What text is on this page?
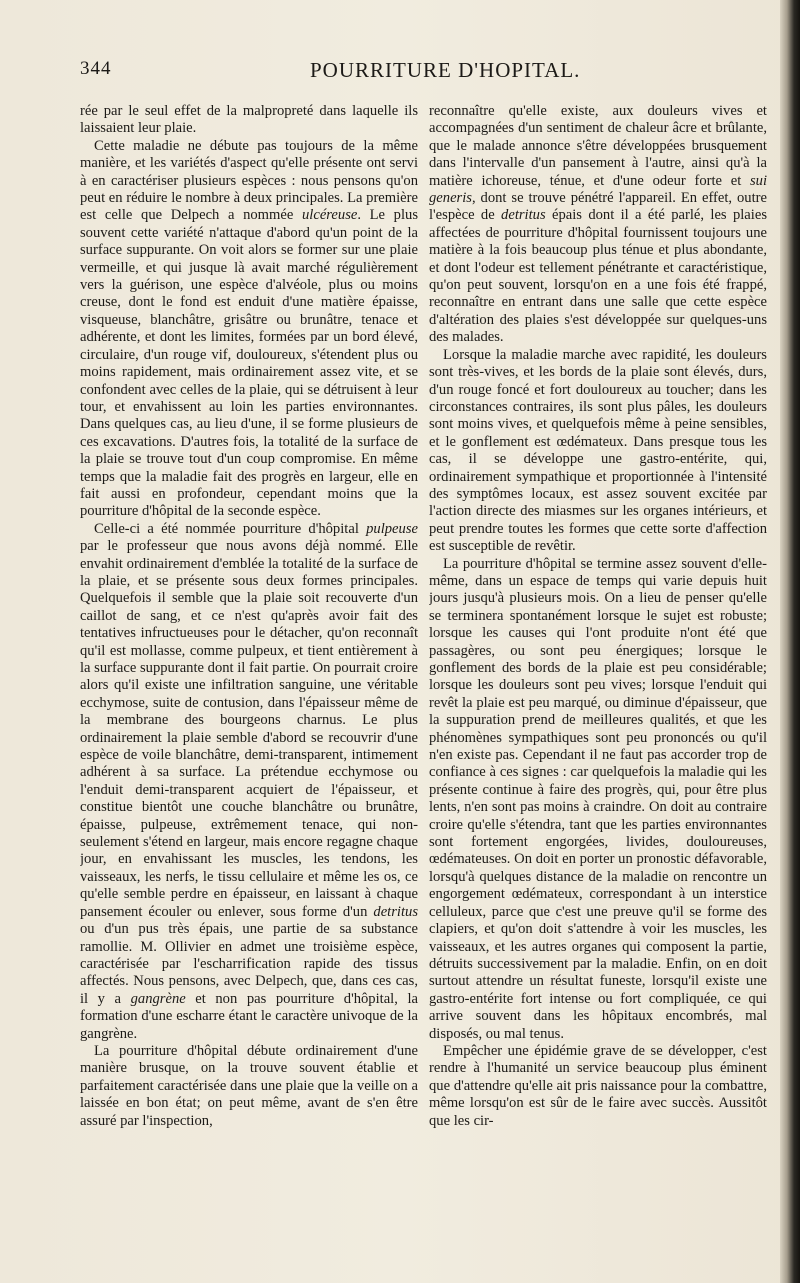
344	POURRITURE D'HOPITAL.

rée par le seul effet de la malpropreté dans laquelle ils laissaient leur plaie.

Cette maladie ne débute pas toujours de la même manière, et les variétés d'aspect qu'elle présente ont servi à en caractériser plusieurs espèces : nous pensons qu'on peut en réduire le nombre à deux principales. La première est celle que Delpech a nommée ulcéreuse. Le plus souvent cette variété n'attaque d'abord qu'un point de la surface suppurante. On voit alors se former sur une plaie vermeille, et qui jusque là avait marché régulièrement vers la guérison, une espèce d'alvéole, plus ou moins creuse, dont le fond est enduit d'une matière épaisse, visqueuse, blanchâtre, grisâtre ou brunâtre, tenace et adhérente, et dont les limites, formées par un bord élevé, circulaire, d'un rouge vif, douloureux, s'étendent plus ou moins rapidement, mais ordinairement assez vite, et se confondent avec celles de la plaie, qui se détruisent à leur tour, et envahissent au loin les parties environnantes. Dans quelques cas, au lieu d'une, il se forme plusieurs de ces excavations. D'autres fois, la totalité de la surface de la plaie se trouve tout d'un coup compromise. En même temps que la maladie fait des progrès en largeur, elle en fait aussi en profondeur, cependant moins que la pourriture d'hôpital de la seconde espèce.

Celle-ci a été nommée pourriture d'hôpital pulpeuse par le professeur que nous avons déjà nommé. Elle envahit ordinairement d'emblée la totalité de la surface de la plaie, et se présente sous deux formes principales. Quelquefois il semble que la plaie soit recouverte d'un caillot de sang, et ce n'est qu'après avoir fait des tentatives infructueuses pour le détacher, qu'on reconnaît qu'il est mollasse, comme pulpeux, et tient entièrement à la surface suppurante dont il fait partie. On pourrait croire alors qu'il existe une infiltration sanguine, une véritable ecchymose, suite de contusion, dans l'épaisseur même de la membrane des bourgeons charnus. Le plus ordinairement la plaie semble d'abord se recouvrir d'une espèce de voile blanchâtre, demi-transparent, intimement adhérent à sa surface. La prétendue ecchymose ou l'enduit demi-transparent acquiert de l'épaisseur, et constitue bientôt une couche blanchâtre ou brunâtre, épaisse, pulpeuse, extrêmement tenace, qui non-seulement s'étend en largeur, mais encore regagne chaque jour, en envahissant les muscles, les tendons, les vaisseaux, les nerfs, le tissu cellulaire et même les os, ce qu'elle semble perdre en épaisseur, en laissant à chaque pansement écouler ou enlever, sous forme d'un detritus ou d'un pus très épais, une partie de sa substance ramollie. M. Ollivier en admet une troisième espèce, caractérisée par l'escharrification rapide des tissus affectés. Nous pensons, avec Delpech, que, dans ces cas, il y a gangrène et non pas pourriture d'hôpital, la formation d'une escharre étant le caractère univoque de la gangrène.

La pourriture d'hôpital débute ordinairement d'une manière brusque, on la trouve souvent établie et parfaitement caractérisée dans une plaie que la veille on a laissée en bon état; on peut même, avant de s'en être assuré par l'inspection,

reconnaître qu'elle existe, aux douleurs vives et accompagnées d'un sentiment de chaleur âcre et brûlante, que le malade annonce s'être développées brusquement dans l'intervalle d'un pansement à l'autre, ainsi qu'à la matière ichoreuse, ténue, et d'une odeur forte et sui generis, dont se trouve pénétré l'appareil. En effet, outre l'espèce de detritus épais dont il a été parlé, les plaies affectées de pourriture d'hôpital fournissent toujours une matière à la fois beaucoup plus ténue et plus abondante, et dont l'odeur est tellement pénétrante et caractéristique, qu'on peut souvent, lorsqu'on en a une fois été frappé, reconnaître en entrant dans une salle que cette espèce d'altération des plaies s'est développée sur quelques-uns des malades.

Lorsque la maladie marche avec rapidité, les douleurs sont très-vives, et les bords de la plaie sont élevés, durs, d'un rouge foncé et fort douloureux au toucher; dans les circonstances contraires, ils sont plus pâles, les douleurs sont moins vives, et quelquefois même à peine sensibles, et le gonflement est œdémateux. Dans presque tous les cas, il se développe une gastro-entérite, qui, ordinairement sympathique et proportionnée à l'intensité des symptômes locaux, est assez souvent excitée par l'action directe des miasmes sur les organes intérieurs, et peut prendre toutes les formes que cette sorte d'affection est susceptible de revêtir.

La pourriture d'hôpital se termine assez souvent d'elle-même, dans un espace de temps qui varie depuis huit jours jusqu'à plusieurs mois. On a lieu de penser qu'elle se terminera spontanément lorsque le sujet est robuste; lorsque les causes qui l'ont produite n'ont été que passagères, ou sont peu énergiques; lorsque le gonflement des bords de la plaie est peu considérable; lorsque les douleurs sont peu vives; lorsque l'enduit qui revêt la plaie est peu marqué, ou diminue d'épaisseur, que la suppuration prend de meilleures qualités, et que les phénomènes sympathiques sont peu prononcés ou qu'il n'en existe pas. Cependant il ne faut pas accorder trop de confiance à ces signes : car quelquefois la maladie qui les présente continue à faire des progrès, qui, pour être plus lents, n'en sont pas moins à craindre. On doit au contraire croire qu'elle s'étendra, tant que les parties environnantes sont fortement engorgées, livides, douloureuses, œdémateuses. On doit en porter un pronostic défavorable, lorsqu'à quelques distance de la maladie on rencontre un engorgement œdémateux, correspondant à un interstice celluleux, parce que c'est une preuve qu'il se forme des clapiers, et qu'on doit s'attendre à voir les muscles, les vaisseaux, et les autres organes qui composent la partie, détruits successivement par la maladie. Enfin, on en doit surtout attendre un résultat funeste, lorsqu'il existe une gastro-entérite fort intense ou fort compliquée, ce qui arrive souvent dans les hôpitaux encombrés, mal disposés, ou mal tenus.

Empêcher une épidémie grave de se développer, c'est rendre à l'humanité un service beaucoup plus éminent que d'attendre qu'elle ait pris naissance pour la combattre, même lorsqu'on est sûr de le faire avec succès. Aussitôt que les cir-
